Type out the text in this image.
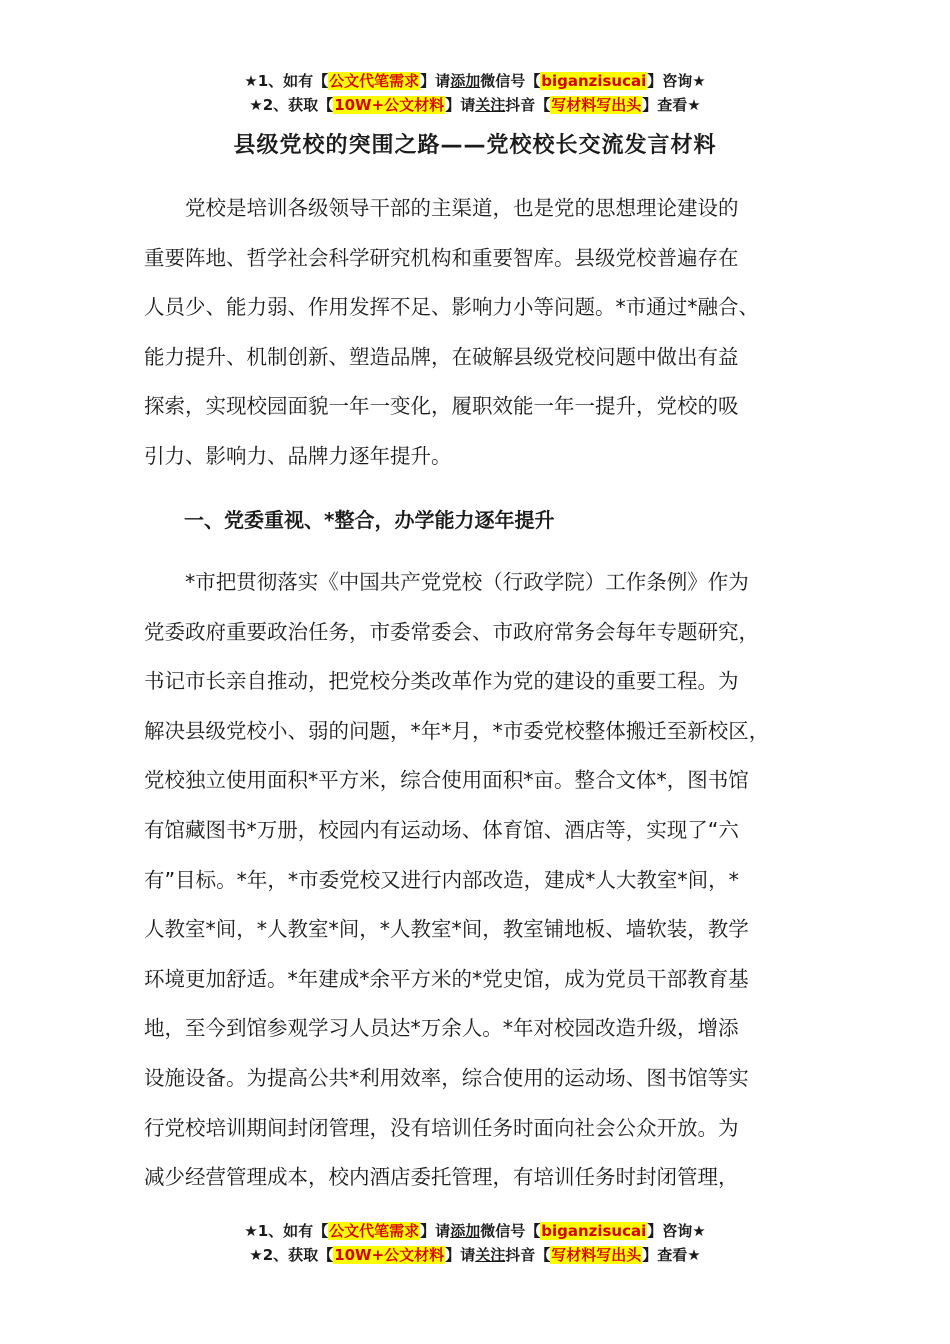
★1、如有【公文代笔需求】请添加微信号【biganzisucai】咨询★
★2、获取【10W+公文材料】请关注抖音【写材料写出头】查看★
县级党校的突围之路——党校校长交流发言材料
党校是培训各级领导干部的主渠道，也是党的思想理论建设的
重要阵地、哲学社会科学研究机构和重要智库。县级党校普遍存在
人员少、能力弱、作用发挥不足、影响力小等问题。*市通过*融合、
能力提升、机制创新、塑造品牌，在破解县级党校问题中做出有益
探索，实现校园面貌一年一变化，履职效能一年一提升，党校的吸
引力、影响力、品牌力逐年提升。
一、党委重视、*整合，办学能力逐年提升
*市把贯彻落实《中国共产党党校（行政学院）工作条例》作为
党委政府重要政治任务，市委常委会、市政府常务会每年专题研究，
书记市长亲自推动，把党校分类改革作为党的建设的重要工程。为
解决县级党校小、弱的问题，*年*月，*市委党校整体搬迁至新校区，
党校独立使用面积*平方米，综合使用面积*亩。整合文体*，图书馆
有馆藏图书*万册，校园内有运动场、体育馆、酒店等，实现了“六
有”目标。*年，*市委党校又进行内部改造，建成*人大教室*间，*
人教室*间，*人教室*间，*人教室*间，教室铺地板、墙软装，教学
环境更加舒适。*年建成*余平方米的*党史馆，成为党员干部教育基
地，至今到馆参观学习人员达*万余人。*年对校园改造升级，增添
设施设备。为提高公共*利用效率，综合使用的运动场、图书馆等实
行党校培训期间封闭管理，没有培训任务时面向社会公众开放。为
减少经营管理成本，校内酒店委托管理，有培训任务时封闭管理，
★1、如有【公文代笔需求】请添加微信号【biganzisucai】咨询★
★2、获取【10W+公文材料】请关注抖音【写材料写出头】查看★
